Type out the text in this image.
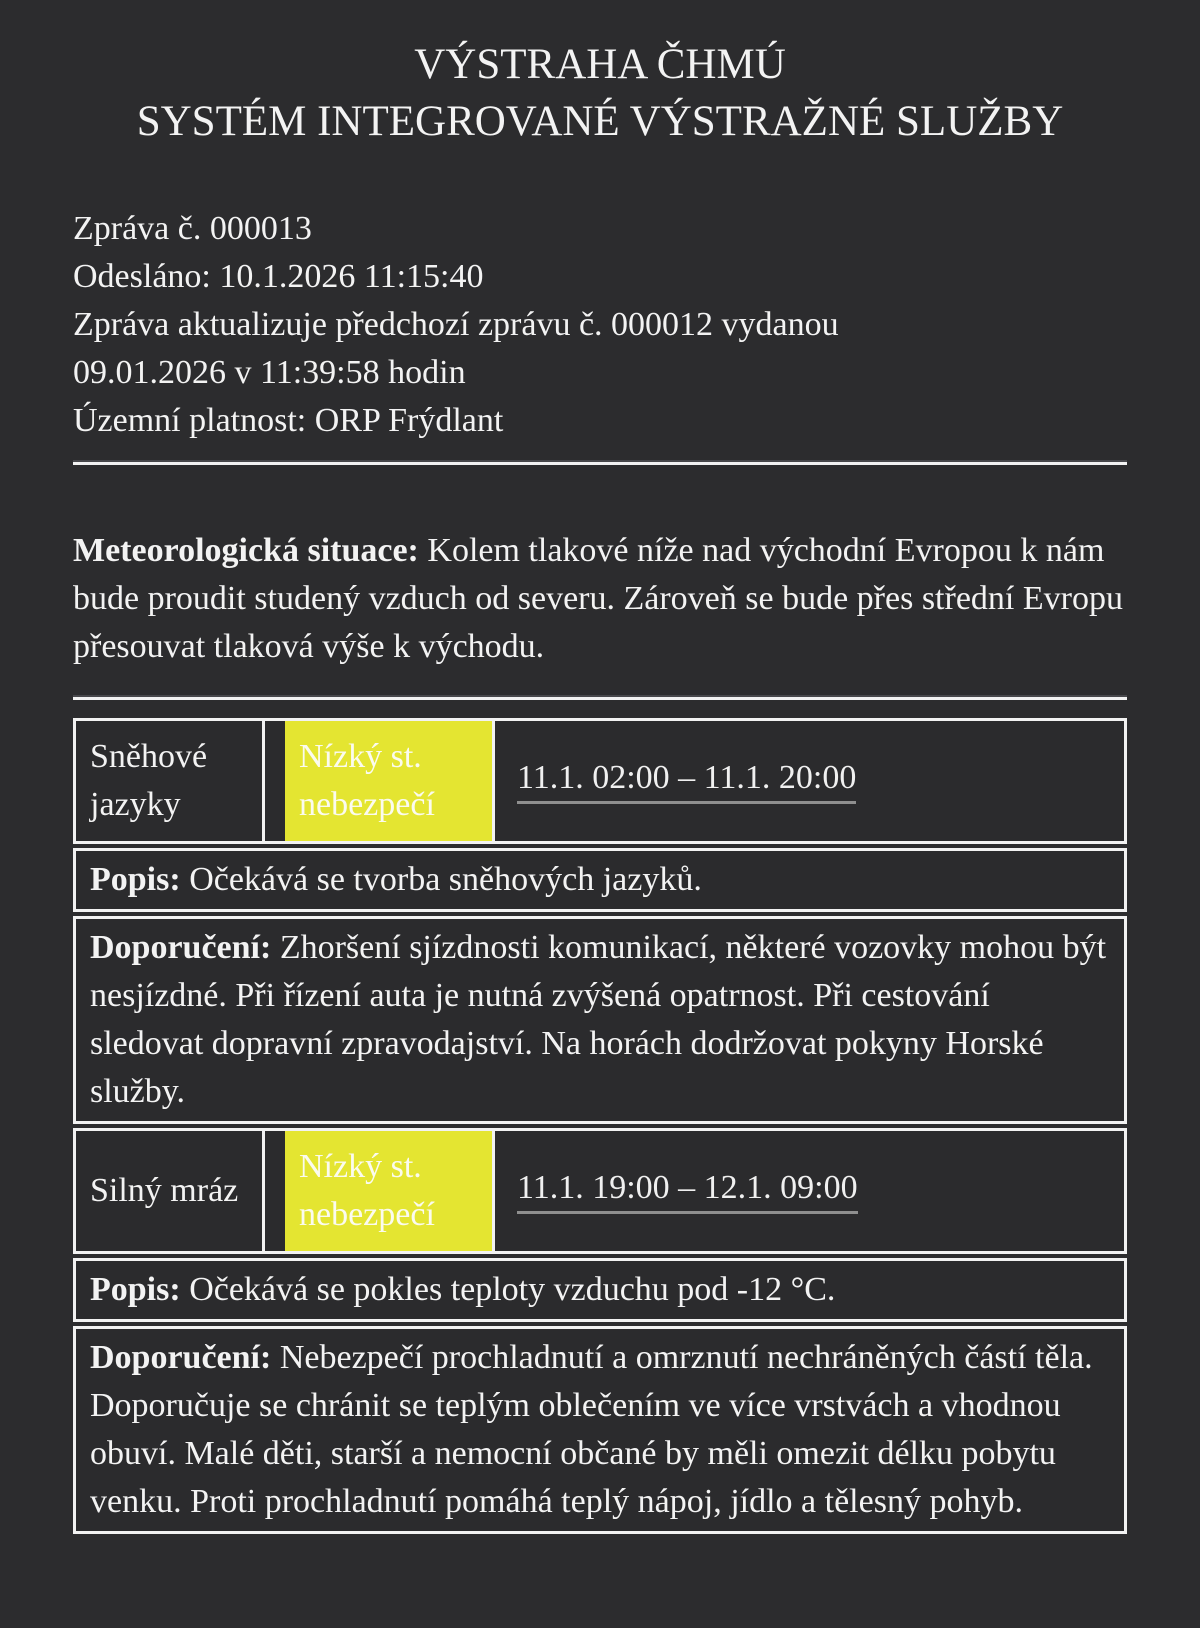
VÝSTRAHA ČHMÚ
SYSTÉM INTEGROVANÉ VÝSTRAŽNÉ SLUŽBY
Zpráva č. 000013
Odesláno: 10.1.2026 11:15:40
Zpráva aktualizuje předchozí zprávu č. 000012 vydanou
09.01.2026 v 11:39:58 hodin
Územní platnost: ORP Frýdlant

Meteorologická situace: Kolem tlakové níže nad východní Evropou k nám bude proudit studený vzduch od severu. Zároveň se bude přes střední Evropu přesouvat tlaková výše k východu.

Sněhové jazyky
Nízký st. nebezpečí
11.1. 02:00 – 11.1. 20:00
Popis: Očekává se tvorba sněhových jazyků.
Doporučení: Zhoršení sjízdnosti komunikací, některé vozovky mohou být nesjízdné. Při řízení auta je nutná zvýšená opatrnost. Při cestování sledovat dopravní zpravodajství. Na horách dodržovat pokyny Horské služby.
Silný mráz
Nízký st. nebezpečí
11.1. 19:00 – 12.1. 09:00
Popis: Očekává se pokles teploty vzduchu pod -12 °C.
Doporučení: Nebezpečí prochladnutí a omrznutí nechráněných částí těla. Doporučuje se chránit se teplým oblečením ve více vrstvách a vhodnou obuví. Malé děti, starší a nemocní občané by měli omezit délku pobytu venku. Proti prochladnutí pomáhá teplý nápoj, jídlo a tělesný pohyb.
